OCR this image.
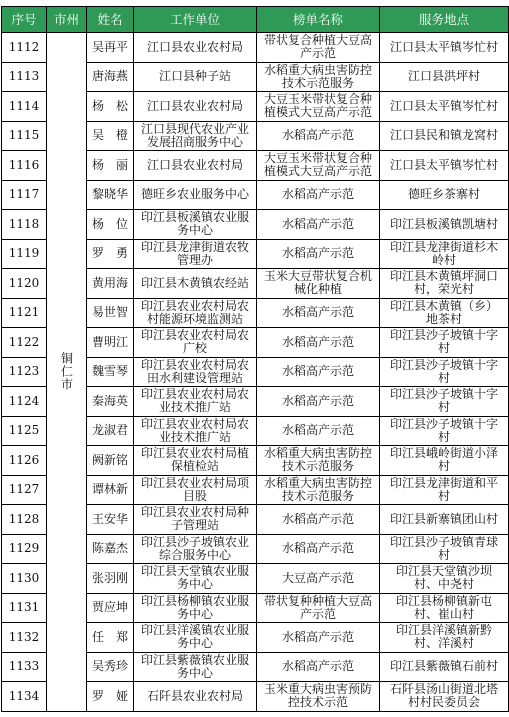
序号	市州	姓名	工作单位	榜单名称	服务地点
1112	铜仁市	吴再平	江口县农业农村局	带状复合种植大豆高产示范	江口县太平镇岑忙村
1113		唐海燕	江口县种子站	水稻重大病虫害防控技术示范服务	江口县洪坪村
1114		杨　松	江口县农业农村局	大豆玉米带状复合种植模式大豆高产示范	江口县太平镇岑忙村
1115		吴　橙	江口县现代农业产业发展招商服务中心	水稻高产示范	江口县民和镇龙窝村
1116		杨　丽	江口县农业农村局	大豆玉米带状复合种植模式大豆高产示范	江口县太平镇岑忙村
1117		黎晓华	德旺乡农业服务中心	水稻高产示范	德旺乡茶寨村
1118		杨　位	印江县板溪镇农业服务中心	水稻高产示范	印江县板溪镇凯塘村
1119		罗　勇	印江县龙津街道农牧管理办	水稻高产示范	印江县龙津街道杉木岭村
1120		黄用海	印江县木黄镇农经站	玉米大豆带状复合机械化种植	印江县木黄镇坪洞口村，荣光村
1121		易世智	印江县农业农村局农村能源环境监测站	水稻高产示范	印江县木黄镇（乡）地茶村
1122		曹明江	印江县农业农村局农广校	水稻高产示范	印江县沙子坡镇十字村
1123		魏雪琴	印江县农业农村局农田水利建设管理站	水稻高产示范	印江县沙子坡镇十字村
1124		秦海英	印江县农业农村局农业技术推广站	水稻高产示范	印江县沙子坡镇十字村
1125		龙淑君	印江县农业农村局农业技术推广站	水稻高产示范	印江县沙子坡镇十字村
1126		阙新铭	印江县农业农村局植保植检站	水稻重大病虫害防控技术示范服务	印江县峨岭街道小泽村
1127		谭林新	印江县农业农村局项目股	水稻重大病虫害防控技术示范服务	印江县龙津街道和平村
1128		王安华	印江县农业农村局种子管理站	水稻高产示范	印江县新寨镇团山村
1129		陈嘉杰	印江县沙子坡镇农业综合服务中心	水稻高产示范	印江县沙子坡镇青球村
1130		张羽刚	印江县天堂镇农业服务中心	大豆高产示范	印江县天堂镇沙坝村、中尧村
1131		贾应坤	印江县杨柳镇农业服务中心	带状复种种植大豆高产示范	印江县杨柳镇新屯村、崔山村
1132		任　郑	印江县洋溪镇农业服务中心	水稻高产示范	印江县洋溪镇新黔村、洋溪村
1133		吴秀珍	印江县紫薇镇农业服务中心	水稻高产示范	印江县紫薇镇石前村
1134		罗　娅	石阡县农业农村局	玉米重大病虫害预防控技术示范	石阡县汤山街道北塔村村民委员会
